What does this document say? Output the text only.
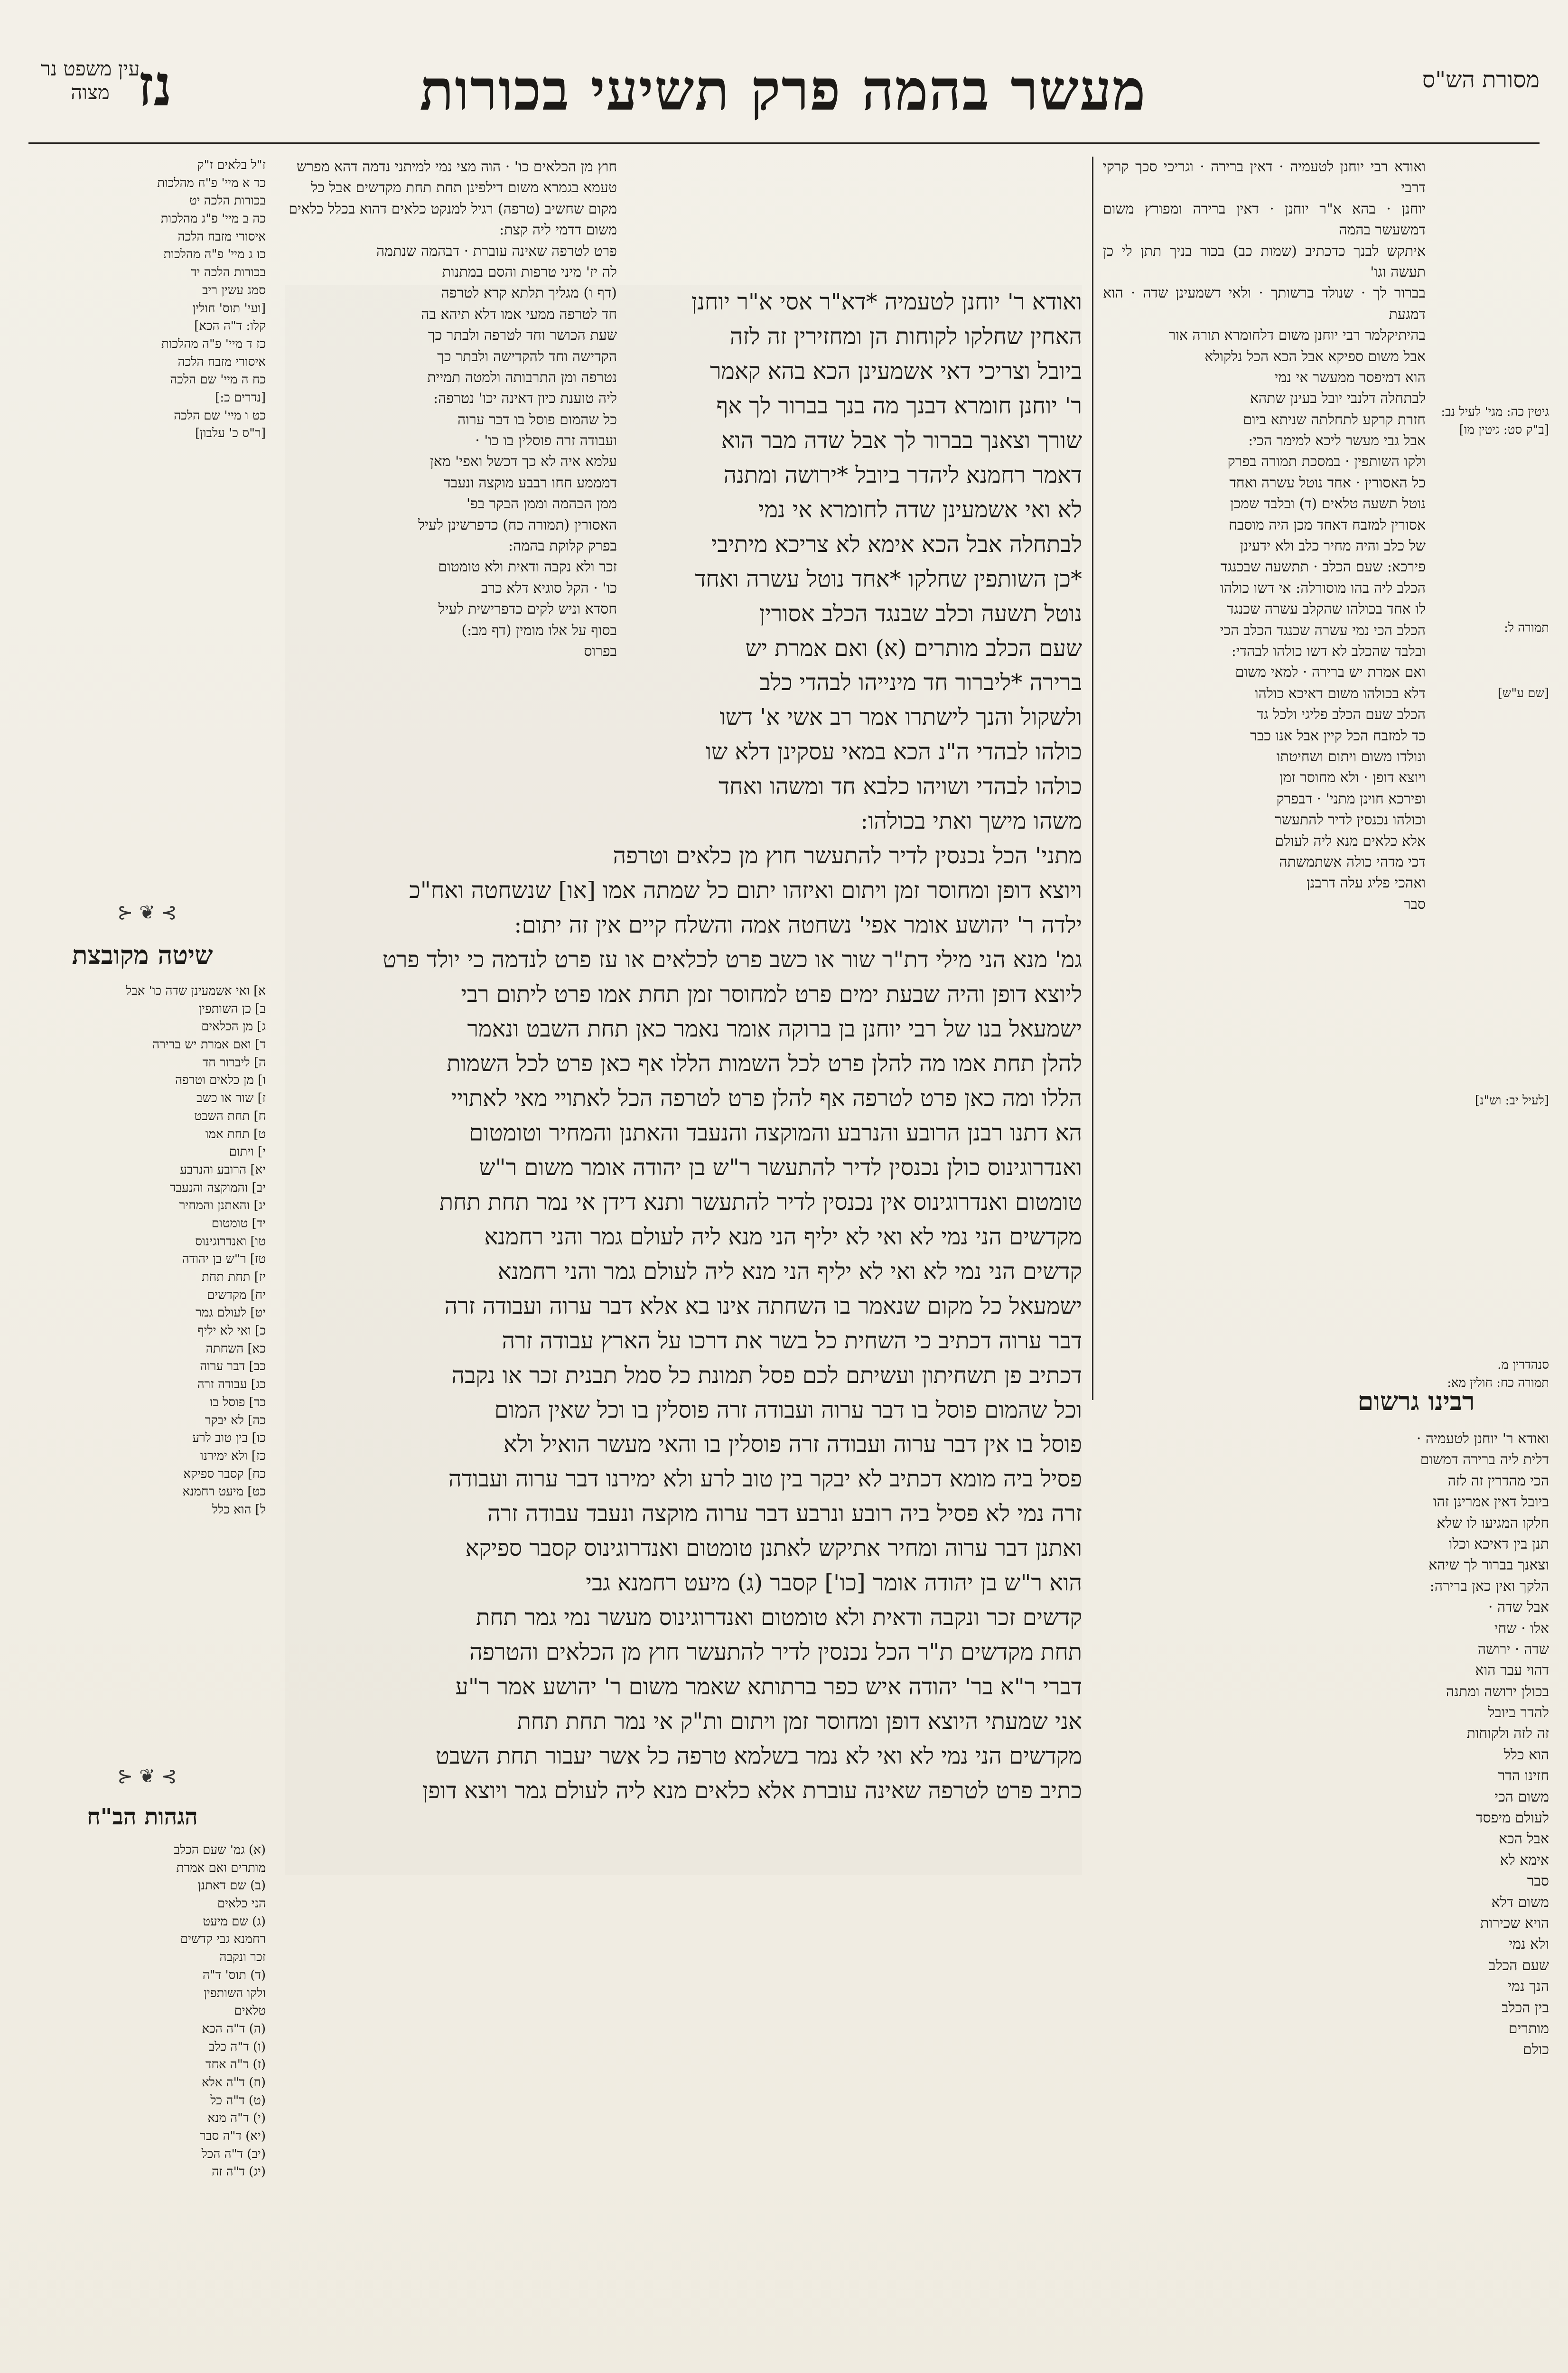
מעשר בהמה פרק תשיעי בכורות
נז	מסורת הש"ס
עין משפט נר מצוה
גיטין כה: מגי' לעיל נב:
[ב"ק סט: גיטין מו]
תמורה ל:
[שם ע"ש]
[לעיל יב: וש"נ]
סנהדרין מ.
תמורה כח: חולין מא:
ואודא רבי יוחנן לטעמיה · דאין ברירה · וגריכי סכך קרקי דרבי
יוחנן · בהא א"ר יוחנן · דאין ברירה ומפורץ משום דמשעשר בהמה
איתקש לבנך כדכתיב (שמות כב) בכור בניך תתן לי כן תעשה וגו'
בברור לך · שנולד ברשותך · ולאי דשמעינן שדה · הוא דמגעת
בהיתיקלמר רבי יוחנן משום דלחומרא תורה אור
אבל משום ספיקא אבל הכא הכל נלקולא
הוא דמיפסר ממעשר אי נמי
לבתחלה דלנבי יובל בעינן שתהא
חזרת קרקע לתחלתה שניתא ביום
אבל גבי מעשר ליכא למימר הכי:
ולקו השותפין · במסכת תמורה בפרק
כל האסורין · אחד נוטל עשרה ואחד
נוטל תשעה טלאים (ד) ובלבד שמכן
אסורין למזבח דאחד מכן היה מוסבח
של כלב והיה מחיר כלב ולא ידעינן
פירכא: שעם הכלב · תתשעה שבכנגד
הכלב ליה בהו מוסורלה: אי דשו כולהו
לו אחד בכולהו שהקלב עשרה שכנגד
הכלב הכי נמי עשרה שכנגד הכלב הכי
ובלבד שהכלב לא דשו כולהו לבהדי:
ואם אמרת יש ברירה · למאי משום
דלא בכולהו משום דאיכא כולהו
הכלב שעם הכלב פליגי ולכל גד
כד למזבח הכל קיין אבל אנו כבר
ונולדו משום ויתום ושחיטתו
ויוצא דופן · ולא מחוסר זמן
ופירכא חוינן מתני' · דבפרק
וכולהו נכנסין לדיר להתעשר
אלא כלאים מנא ליה לעולם
דכי מדהי כולה אשתמשתה
ואהכי פליג עלה דרבנן
סבר
רבינו גרשום
ואודא ר' יוחנן לטעמיה ·
דלית ליה ברירה דמשום
הכי מהדרין זה לזה
ביובל דאין אמרינן זהו
חלקו המגיעו לו שלא
תנן בין דאיכא וכלו
וצאנך בברור לך שיהא
הלקך ואין כאן ברירה:
אבל שדה ·
אלו · שחי
שדה · ירושה
דהוי עבר הוא
בכולן ירושה ומתנה
להדר ביובל
זה לזה ולקוחות
הוא כלל
חזינו הדר
משום הכי
לעולם מיפסד
אבל הכא
אימא לא
סבר
משום דלא
הויא שכירות
ולא נמי
שעם הכלב
הנך נמי
בין הכלב
מותרים
כולם
ואודא ר' יוחנן לטעמיה *דא"ר אסי א"ר יוחנן
האחין שחלקו לקוחות הן ומחזירין זה לזה
ביובל וצריכי דאי אשמעינן הכא בהא קאמר
ר' יוחנן חומרא דבנך מה בנך בברור לך אף
שורך וצאנך בברור לך אבל שדה מבר הוא
דאמר רחמנא ליהדר ביובל *ירושה ומתנה
לא ואי אשמעינן שדה לחומרא אי נמי
לבתחלה אבל הכא אימא לא צריכא מיתיבי
*כן השותפין שחלקו *אחד נוטל עשרה ואחד
נוטל תשעה וכלב שבנגד הכלב אסורין
שעם הכלב מותרים (א) ואם אמרת יש
ברירה *ליברור חד מינייהו לבהדי כלב
ולשקול והנך לישתרו אמר רב אשי א' דשו
כולהו לבהדי ה"נ הכא במאי עסקינן דלא שו
כולהו לבהדי ושויהו כלבא חד ומשהו ואחד
משהו מישך ואתי בכולהו:
מתני' הכל נכנסין לדיר להתעשר חוץ מן כלאים וטרפה
ויוצא דופן ומחוסר זמן ויתום ואיזהו יתום כל שמתה אמו [או] שנשחטה ואח"כ
ילדה ר' יהושע אומר אפי' נשחטה אמה והשלח קיים אין זה יתום:
גמ' מנא הני מילי דת"ר שור או כשב פרט לכלאים או עז פרט לנדמה כי יולד פרט
ליוצא דופן והיה שבעת ימים פרט למחוסר זמן תחת אמו פרט ליתום רבי
ישמעאל בנו של רבי יוחנן בן ברוקה אומר נאמר כאן תחת השבט ונאמר
להלן תחת אמו מה להלן פרט לכל השמות הללו אף כאן פרט לכל השמות
הללו ומה כאן פרט לטרפה אף להלן פרט לטרפה הכל לאתויי מאי לאתויי
הא דתנו רבנן הרובע והנרבע והמוקצה והנעבד והאתנן והמחיר וטומטום
ואנדרוגינוס כולן נכנסין לדיר להתעשר ר"ש בן יהודה אומר משום ר"ש
טומטום ואנדרוגינוס אין נכנסין לדיר להתעשר ותנא דידן אי נמר תחת תחת
מקדשים הני נמי לא ואי לא יליף הני מנא ליה לעולם גמר והני רחמנא
קדשים הני נמי לא ואי לא יליף הני מנא ליה לעולם גמר והני רחמנא
ישמעאל כל מקום שנאמר בו השחתה אינו בא אלא דבר ערוה ועבודה זרה
דבר ערוה דכתיב כי השחית כל בשר את דרכו על הארץ עבודה זרה
דכתיב פן תשחיתון ועשיתם לכם פסל תמונת כל סמל תבנית זכר או נקבה
וכל שהמום פוסל בו דבר ערוה ועבודה זרה פוסלין בו וכל שאין המום
פוסל בו אין דבר ערוה ועבודה זרה פוסלין בו והאי מעשר הואיל ולא
פסיל ביה מומא דכתיב לא יבקר בין טוב לרע ולא ימירנו דבר ערוה ועבודה
זרה נמי לא פסיל ביה רובע ונרבע דבר ערוה מוקצה ונעבד עבודה זרה
ואתנן דבר ערוה ומחיר אתיקש לאתנן טומטום ואנדרוגינוס קסבר ספיקא
הוא ר"ש בן יהודה אומר [כו'] קסבר (ג) מיעט רחמנא גבי
קדשים זכר ונקבה ודאית ולא טומטום ואנדרוגינוס מעשר נמי גמר תחת
תחת מקדשים ת"ר הכל נכנסין לדיר להתעשר חוץ מן הכלאים והטרפה
דברי ר"א בר' יהודה איש כפר ברתותא שאמר משום ר' יהושע אמר ר"ע
אני שמעתי היוצא דופן ומחוסר זמן ויתום ות"ק אי נמר תחת תחת
מקדשים הני נמי לא ואי לא נמר בשלמא טרפה כל אשר יעבור תחת השבט
כתיב פרט לטרפה שאינה עוברת אלא כלאים מנא ליה לעולם גמר ויוצא דופן
חוץ מן הכלאים כו' · הוה מצי נמי למיתני נדמה דהא מפרש
טעמא בגמרא משום דילפינן תחת תחת מקדשים אבל כל
מקום שחשיב (טרפה) רגיל למנקט כלאים דהוא בכלל כלאים
משום דדמי ליה קצת:
פרט לטרפה שאינה עוברת · דבהמה שנתמה
לה יז' מיני טרפות והסם במתנות
(דף ו) מגליך תלתא קרא לטרפה
חד לטרפה ממעי אמו דלא תיהא בה
שעת הכושר וחד לטרפה ולבתר כך
הקדישה וחד להקדישה ולבתר כך
נטרפה ומן התרבותה ולמטה תמיית
ליה טוענת כיון דאינה יכו' נטרפה:
כל שהמום פוסל בו דבר ערוה
ועבודה זרה פוסלין בו כו' ·
עלמא איה לא כך דכשל ואפי' מאן
דמממע חחו רבבע מוקצה ונעבד
ממן הבהמה וממן הבקר בפ'
האסורין (תמורה כח) כדפרשינן לעיל
בפרק קלוקת בהמה:
זכר ולא נקבה ודאית ולא טומטום
כו' · הקל סוגיא דלא כרב
חסדא וניש לקים כדפרישית לעיל
בסוף על אלו מומין (דף מב:)
בפרוס
ז"ל בלאים ז"ק
כד א מיי' פ"ח מהלכות
בכורות הלכה יט
כה ב מיי' פ"ג מהלכות
איסורי מזבח הלכה
כו ג מיי' פ"ה מהלכות
בכורות הלכה יד
סמג עשין ריב
[ועי' תוס' חולין
קלו: ד"ה הכא]
כז ד מיי' פ"ה מהלכות
איסורי מזבח הלכה
כח ה מיי' שם הלכה
[נדרים כ:]
כט ו מיי' שם הלכה
[ר"ס כ' עלבון]
⊱ ❦ ⊰
שיטה מקובצת
א] ואי אשמעינן שדה כו' אבל
ב] כן השותפין
ג] מן הכלאים
ד] ואם אמרת יש ברירה
ה] ליברור חד
ו] מן כלאים וטרפה
ז] שור או כשב
ח] תחת השבט
ט] תחת אמו
י] ויתום
יא] הרובע והנרבע
יב] והמוקצה והנעבד
יג] והאתנן והמחיר
יד] טומטום
טו] ואנדרוגינוס
טז] ר"ש בן יהודה
יז] תחת תחת
יח] מקדשים
יט] לעולם גמר
כ] ואי לא יליף
כא] השחתה
כב] דבר ערוה
כג] עבודה זרה
כד] פוסל בו
כה] לא יבקר
כו] בין טוב לרע
כז] ולא ימירנו
כח] קסבר ספיקא
כט] מיעט רחמנא
ל] הוא כלל
⊱ ❦ ⊰
הגהות הב"ח
(א) גמ' שעם הכלב
מותרים ואם אמרת
(ב) שם דאתנן
הני כלאים
(ג) שם מיעט
רחמנא גבי קדשים
זכר ונקבה
(ד) תוס' ד"ה
ולקו השותפין
טלאים
(ה) ד"ה הכא
(ו) ד"ה כלב
(ז) ד"ה אחד
(ח) ד"ה אלא
(ט) ד"ה כל
(י) ד"ה מנא
(יא) ד"ה סבר
(יב) ד"ה הכל
(יג) ד"ה זה
